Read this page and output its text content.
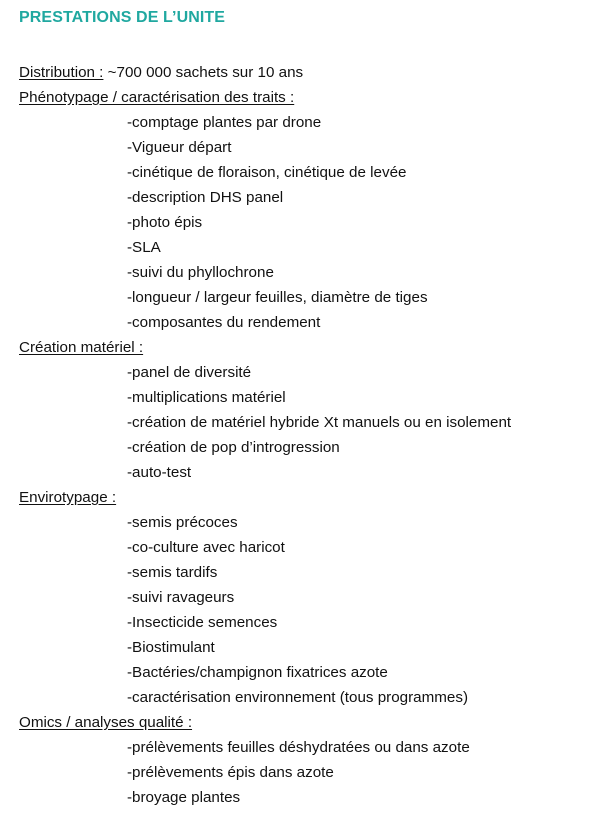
PRESTATIONS DE L’UNITE
Distribution : ~700 000 sachets sur 10 ans
Phénotypage / caractérisation des traits :
-comptage plantes par drone
-Vigueur départ
-cinétique de floraison, cinétique de levée
-description DHS panel
-photo épis
-SLA
-suivi du phyllochrone
-longueur / largeur feuilles, diamètre de tiges
-composantes du rendement
Création matériel :
-panel de diversité
-multiplications matériel
-création de matériel hybride Xt manuels ou en isolement
-création de pop d’introgression
-auto-test
Envirotypage :
-semis précoces
-co-culture avec haricot
-semis tardifs
-suivi ravageurs
-Insecticide semences
-Biostimulant
-Bactéries/champignon fixatrices azote
-caractérisation environnement (tous programmes)
Omics / analyses qualité :
-prélèvements feuilles déshydratées ou dans azote
-prélèvements épis dans azote
-broyage plantes
